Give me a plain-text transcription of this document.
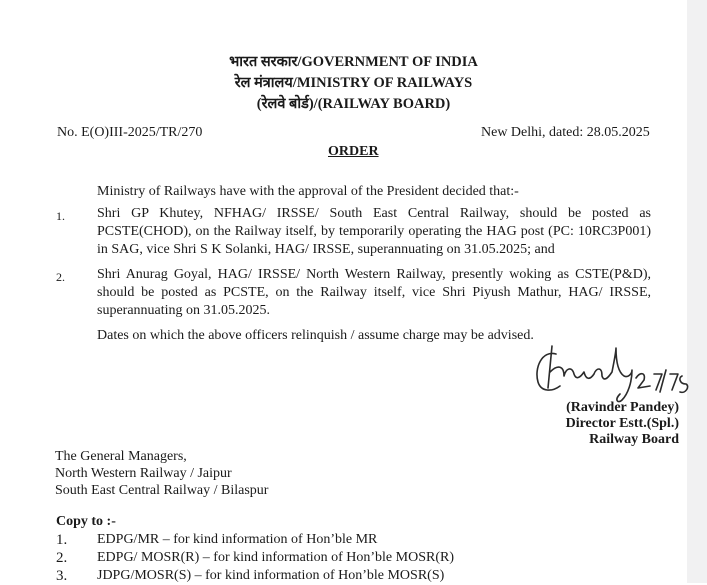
भारत सरकार/GOVERNMENT OF INDIA
रेल मंत्रालय/MINISTRY OF RAILWAYS
(रेलवे बोर्ड)/(RAILWAY BOARD)
No. E(O)III-2025/TR/270	New Delhi, dated: 28.05.2025
ORDER
Ministry of Railways have with the approval of the President decided that:-
1. Shri GP Khutey, NFHAG/ IRSSE/ South East Central Railway, should be posted as PCSTE(CHOD), on the Railway itself, by temporarily operating the HAG post (PC: 10RC3P001) in SAG, vice Shri S K Solanki, HAG/ IRSSE, superannuating on 31.05.2025; and
2. Shri Anurag Goyal, HAG/ IRSSE/ North Western Railway, presently woking as CSTE(P&D), should be posted as PCSTE, on the Railway itself, vice Shri Piyush Mathur, HAG/ IRSSE, superannuating on 31.05.2025.
Dates on which the above officers relinquish / assume charge may be advised.
(Ravinder Pandey)
Director Estt.(Spl.)
Railway Board
The General Managers,
North Western Railway / Jaipur
South East Central Railway / Bilaspur
Copy to :-
1. EDPG/MR – for kind information of Hon’ble MR
2. EDPG/ MOSR(R) – for kind information of Hon’ble MOSR(R)
3. JDPG/MOSR(S) – for kind information of Hon’ble MOSR(S)
